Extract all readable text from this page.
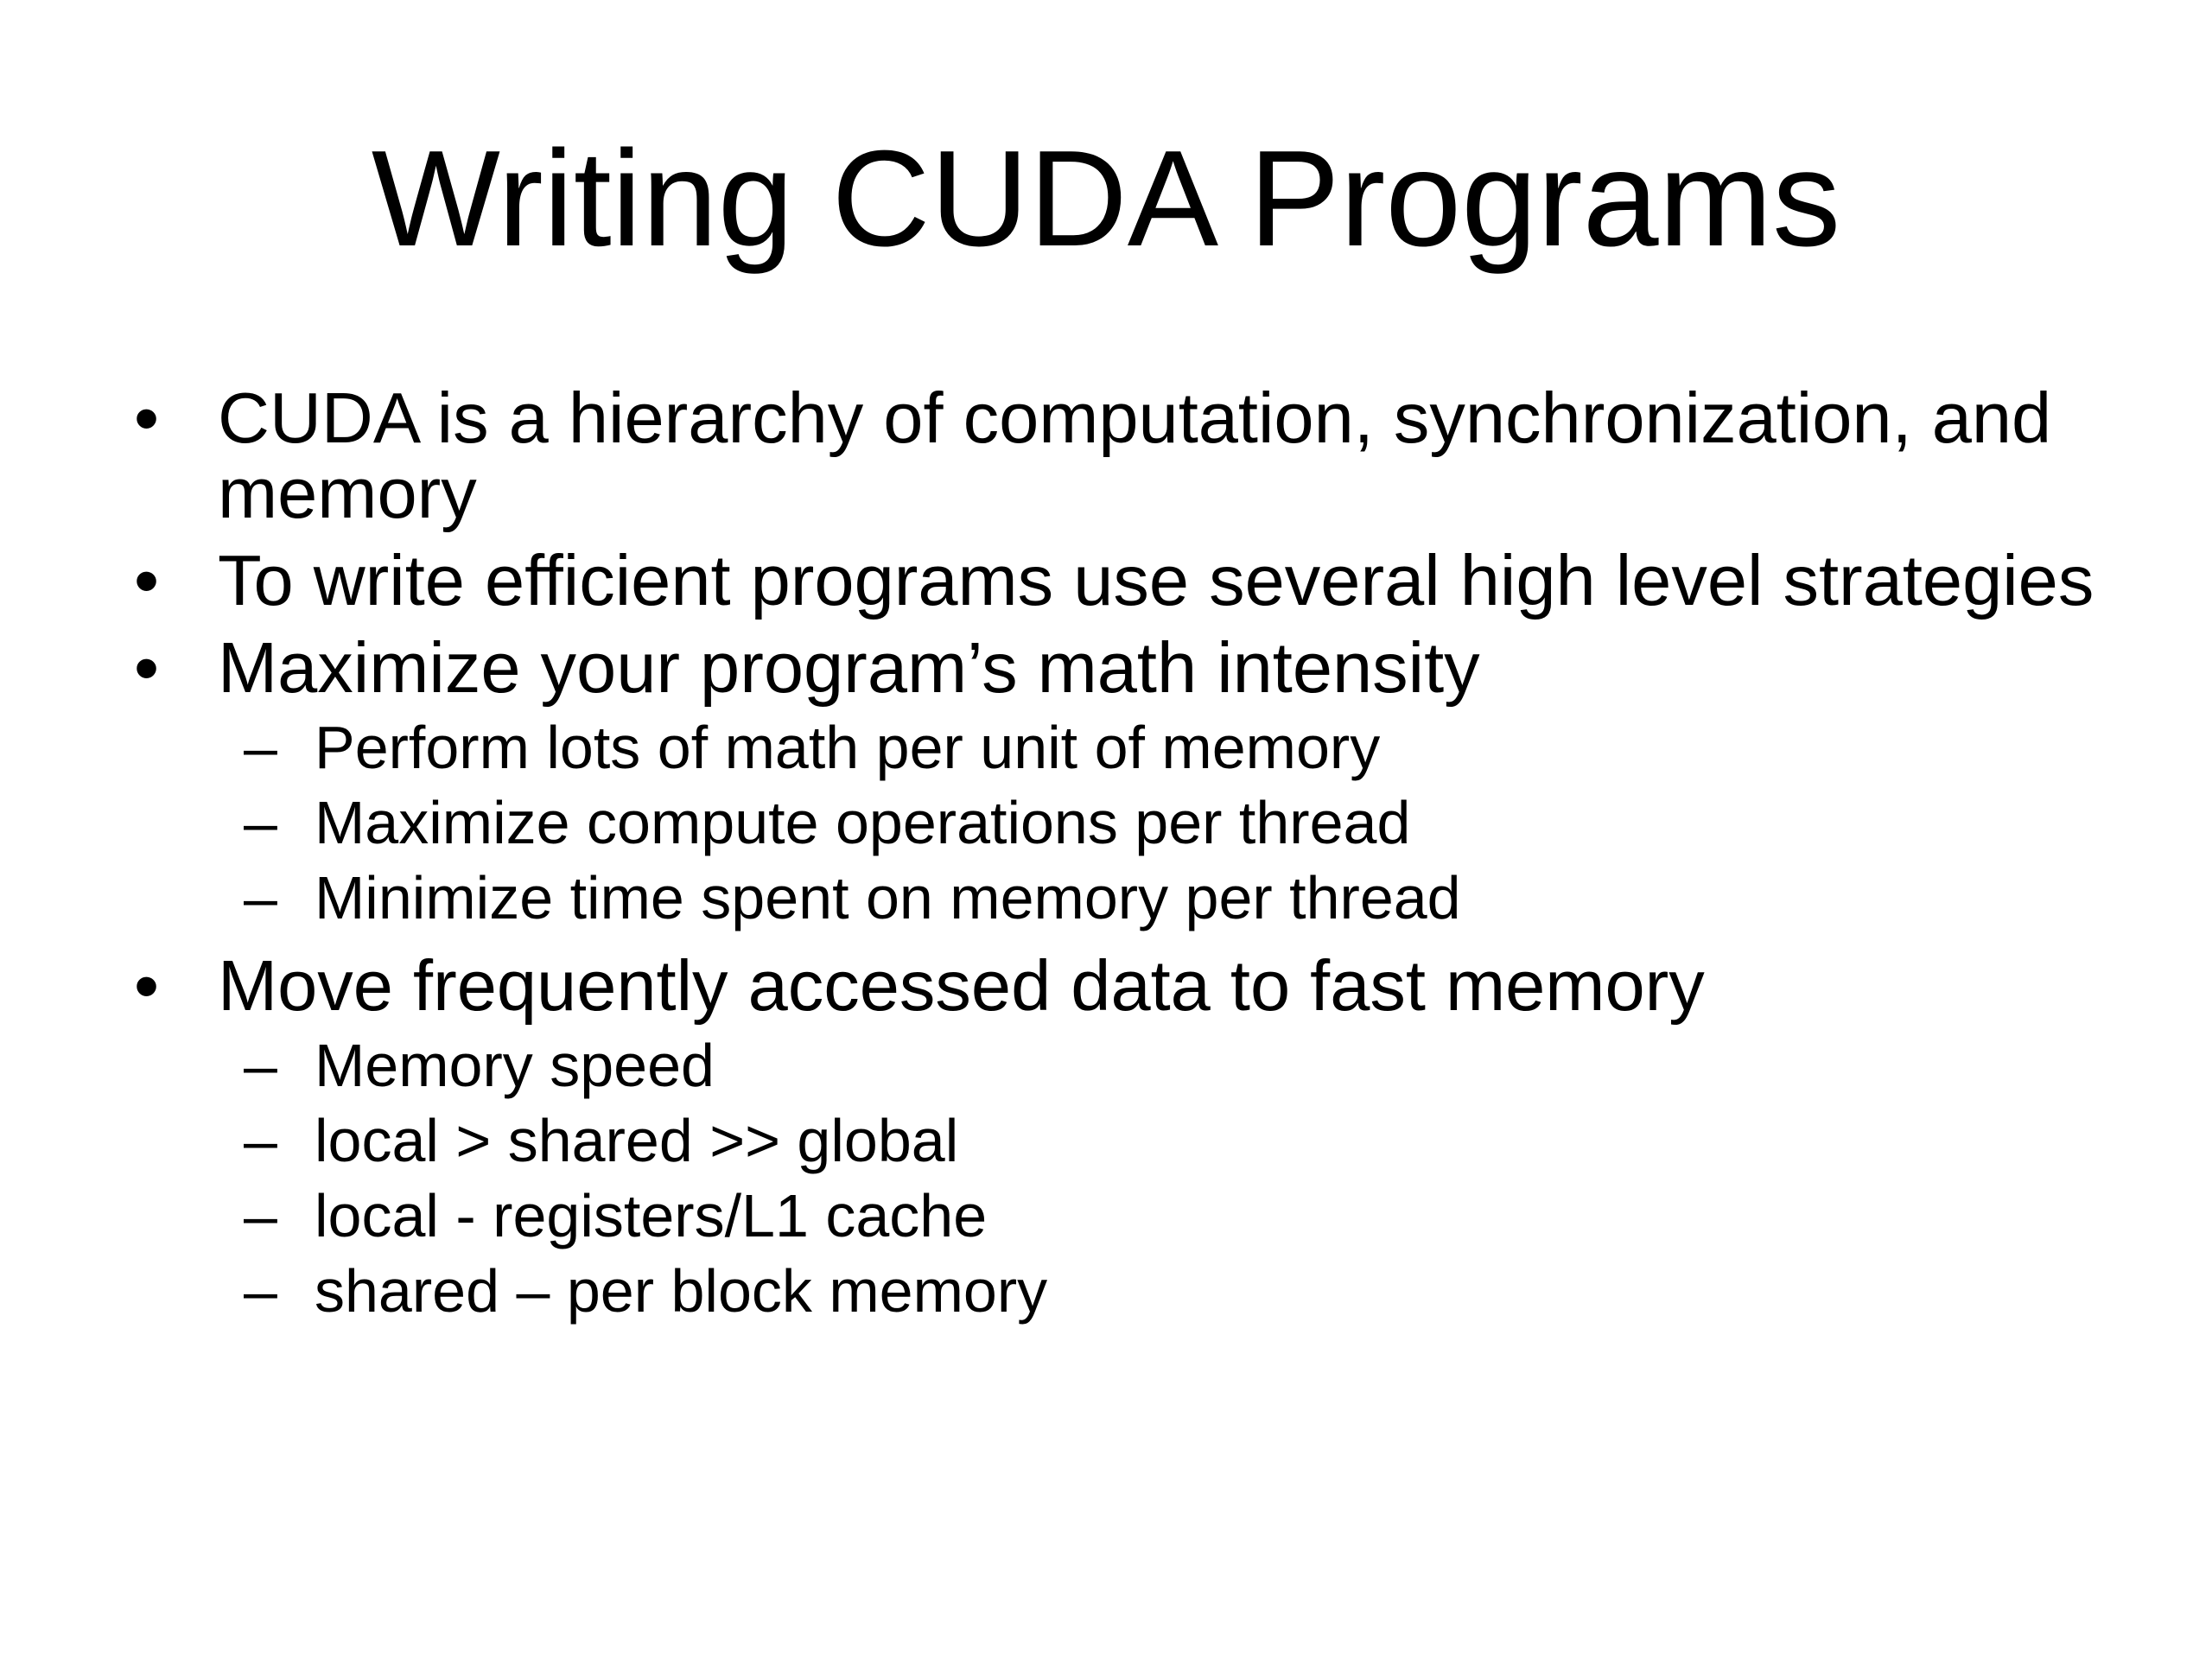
Writing CUDA Programs
• CUDA is a hierarchy of computation, synchronization, and memory
• To write efficient programs use several high level strategies
• Maximize your program’s math intensity
– Perform lots of math per unit of memory
– Maximize compute operations per thread
– Minimize time spent on memory per thread
• Move frequently accessed data to fast memory
– Memory speed
– local > shared >> global
– local - registers/L1 cache
– shared – per block memory
